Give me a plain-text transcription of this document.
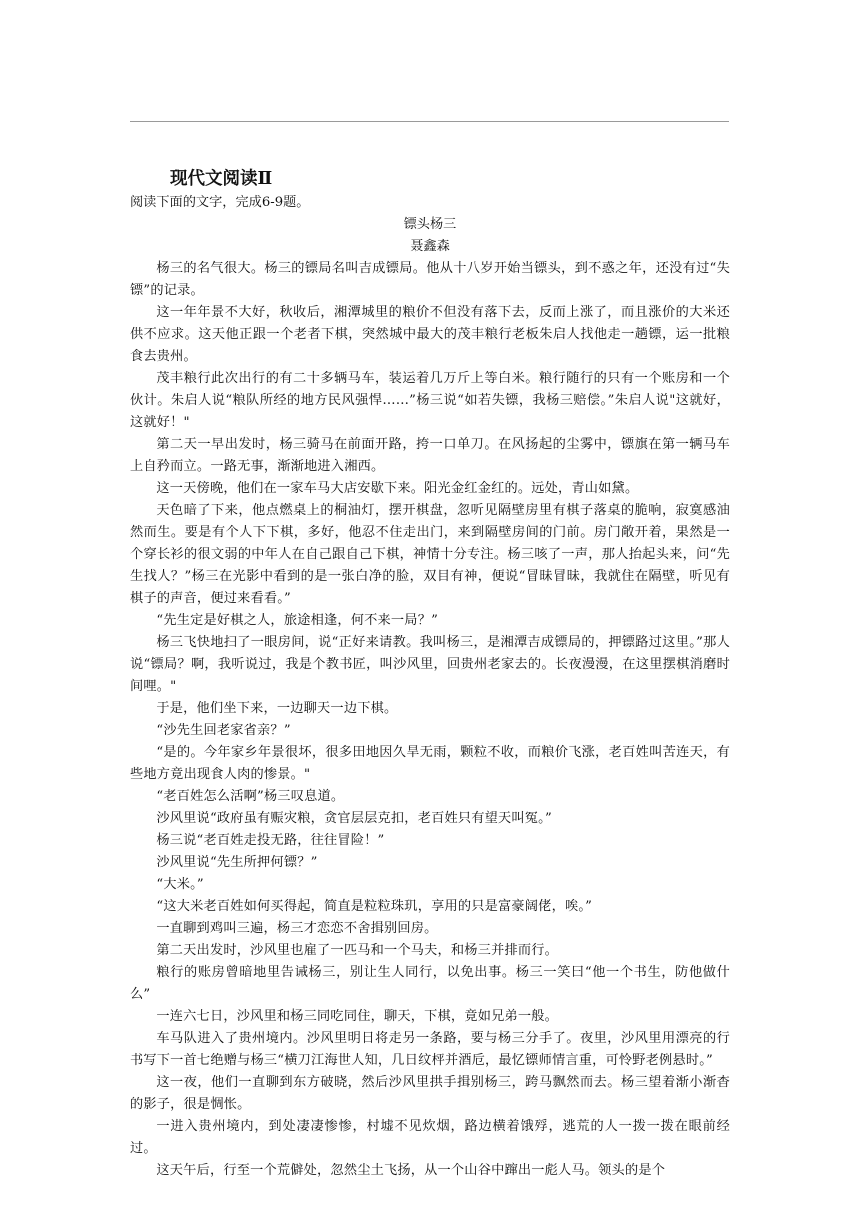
现代文阅读Ⅱ

阅读下面的文字，完成6-9题。

镖头杨三

聂鑫森

杨三的名气很大。杨三的镖局名叫吉成镖局。他从十八岁开始当镖头，到不惑之年，还没有过“失镖”的记录。

这一年年景不大好，秋收后，湘潭城里的粮价不但没有落下去，反而上涨了，而且涨价的大米还供不应求。这天他正跟一个老者下棋，突然城中最大的茂丰粮行老板朱启人找他走一趟镖，运一批粮食去贵州。

茂丰粮行此次出行的有二十多辆马车，装运着几万斤上等白米。粮行随行的只有一个账房和一个伙计。朱启人说“粮队所经的地方民风强悍……”杨三说“如若失镖，我杨三赔偿。”朱启人说"这就好，这就好！"

第二天一早出发时，杨三骑马在前面开路，挎一口单刀。在风扬起的尘雾中，镖旗在第一辆马车上自矜而立。一路无事，渐渐地进入湘西。

这一天傍晚，他们在一家车马大店安歇下来。阳光金红金红的。远处，青山如黛。

天色暗了下来，他点燃桌上的桐油灯，摆开棋盘，忽听见隔壁房里有棋子落桌的脆响，寂寞感油然而生。要是有个人下下棋，多好，他忍不住走出门，来到隔壁房间的门前。房门敞开着，果然是一个穿长衫的很文弱的中年人在自己跟自己下棋，神情十分专注。杨三咳了一声，那人抬起头来，问“先生找人？”杨三在光影中看到的是一张白净的脸，双目有神，便说“冒昧冒昧，我就住在隔壁，听见有棋子的声音，便过来看看。”

“先生定是好棋之人，旅途相逢，何不来一局？”

杨三飞快地扫了一眼房间，说“正好来请教。我叫杨三，是湘潭吉成镖局的，押镖路过这里。”那人说“镖局？啊，我听说过，我是个教书匠，叫沙风里，回贵州老家去的。长夜漫漫，在这里摆棋消磨时间哩。"

于是，他们坐下来，一边聊天一边下棋。

“沙先生回老家省亲？”

“是的。今年家乡年景很坏，很多田地因久旱无雨，颗粒不收，而粮价飞涨，老百姓叫苦连天，有些地方竟出现食人肉的惨景。"

“老百姓怎么活啊”杨三叹息道。

沙风里说“政府虽有赈灾粮，贪官层层克扣，老百姓只有望天叫冤。”

杨三说“老百姓走投无路，往往冒险！”

沙风里说“先生所押何镖？”

“大米。”

“这大米老百姓如何买得起，简直是粒粒珠玑，享用的只是富豪阔佬，唉。”

一直聊到鸡叫三遍，杨三才恋恋不舍揖别回房。

第二天出发时，沙风里也雇了一匹马和一个马夫，和杨三并排而行。

粮行的账房曾暗地里告诫杨三，别让生人同行，以免出事。杨三一笑曰“他一个书生，防他做什么”

一连六七日，沙风里和杨三同吃同住，聊天，下棋，竟如兄弟一般。

车马队进入了贵州境内。沙风里明日将走另一条路，要与杨三分手了。夜里，沙风里用漂亮的行书写下一首七绝赠与杨三“横刀江海世人知，几日纹枰并酒卮，最忆镖师情言重，可怜野老例悬时。”

这一夜，他们一直聊到东方破晓，然后沙风里拱手揖别杨三，跨马飘然而去。杨三望着渐小渐杳的影子，很是惆怅。

一进入贵州境内，到处凄凄惨惨，村墟不见炊烟，路边横着饿殍，逃荒的人一拨一拨在眼前经过。

这天午后，行至一个荒僻处，忽然尘土飞扬，从一个山谷中蹿出一彪人马。领头的是个
